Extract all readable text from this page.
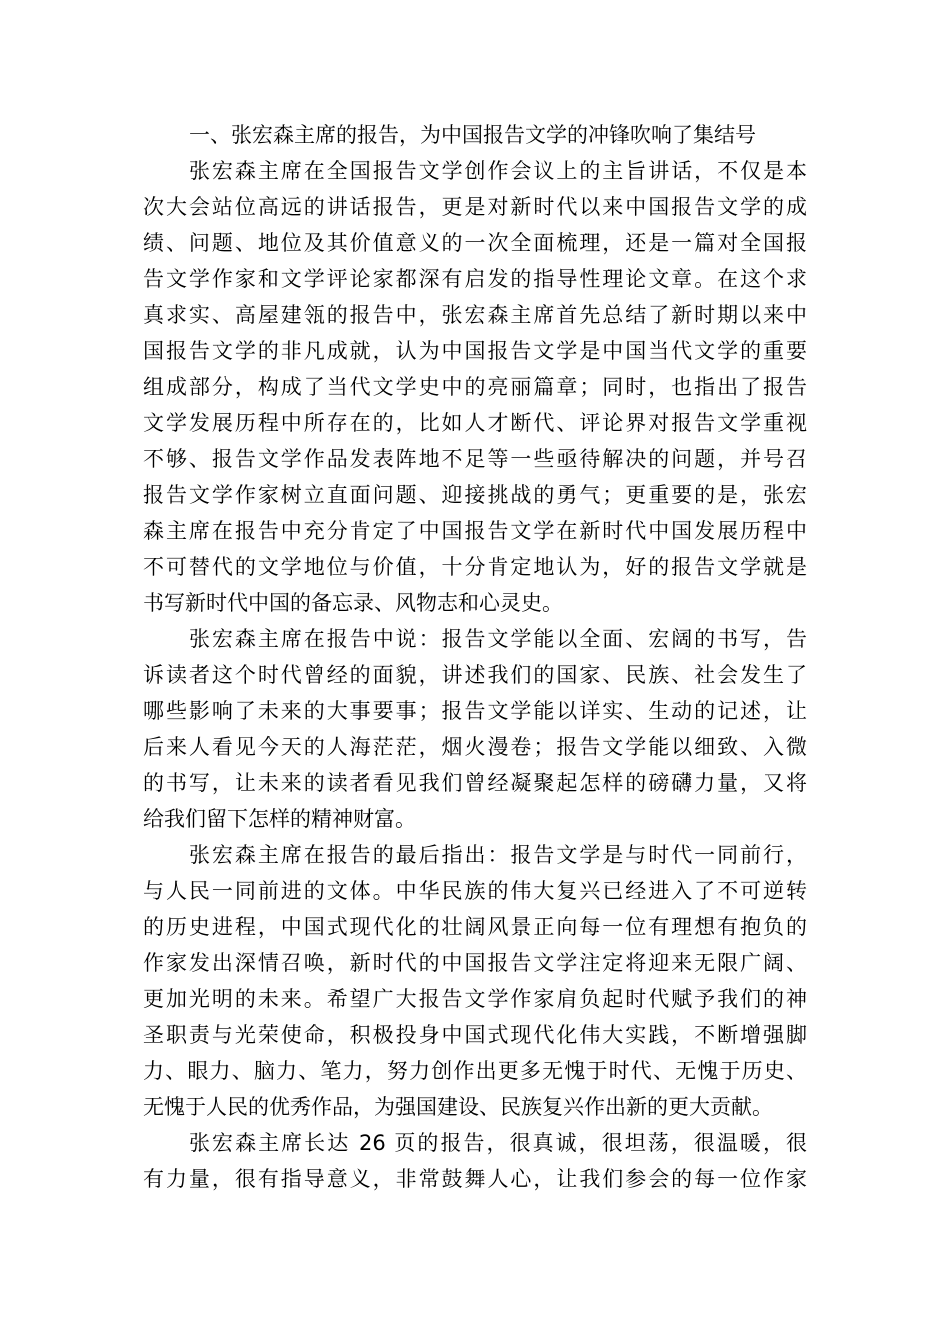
一、张宏森主席的报告，为中国报告文学的冲锋吹响了集结号
张宏森主席在全国报告文学创作会议上的主旨讲话，不仅是本
次大会站位高远的讲话报告，更是对新时代以来中国报告文学的成
绩、问题、地位及其价值意义的一次全面梳理，还是一篇对全国报
告文学作家和文学评论家都深有启发的指导性理论文章。在这个求
真求实、高屋建瓴的报告中，张宏森主席首先总结了新时期以来中
国报告文学的非凡成就，认为中国报告文学是中国当代文学的重要
组成部分，构成了当代文学史中的亮丽篇章；同时，也指出了报告
文学发展历程中所存在的，比如人才断代、评论界对报告文学重视
不够、报告文学作品发表阵地不足等一些亟待解决的问题，并号召
报告文学作家树立直面问题、迎接挑战的勇气；更重要的是，张宏
森主席在报告中充分肯定了中国报告文学在新时代中国发展历程中
不可替代的文学地位与价值，十分肯定地认为，好的报告文学就是
书写新时代中国的备忘录、风物志和心灵史。
张宏森主席在报告中说：报告文学能以全面、宏阔的书写，告
诉读者这个时代曾经的面貌，讲述我们的国家、民族、社会发生了
哪些影响了未来的大事要事；报告文学能以详实、生动的记述，让
后来人看见今天的人海茫茫，烟火漫卷；报告文学能以细致、入微
的书写，让未来的读者看见我们曾经凝聚起怎样的磅礴力量，又将
给我们留下怎样的精神财富。
张宏森主席在报告的最后指出：报告文学是与时代一同前行，
与人民一同前进的文体。中华民族的伟大复兴已经进入了不可逆转
的历史进程，中国式现代化的壮阔风景正向每一位有理想有抱负的
作家发出深情召唤，新时代的中国报告文学注定将迎来无限广阔、
更加光明的未来。希望广大报告文学作家肩负起时代赋予我们的神
圣职责与光荣使命，积极投身中国式现代化伟大实践，不断增强脚
力、眼力、脑力、笔力，努力创作出更多无愧于时代、无愧于历史、
无愧于人民的优秀作品，为强国建设、民族复兴作出新的更大贡献。
张宏森主席长达 26 页的报告，很真诚，很坦荡，很温暖，很
有力量，很有指导意义，非常鼓舞人心，让我们参会的每一位作家
